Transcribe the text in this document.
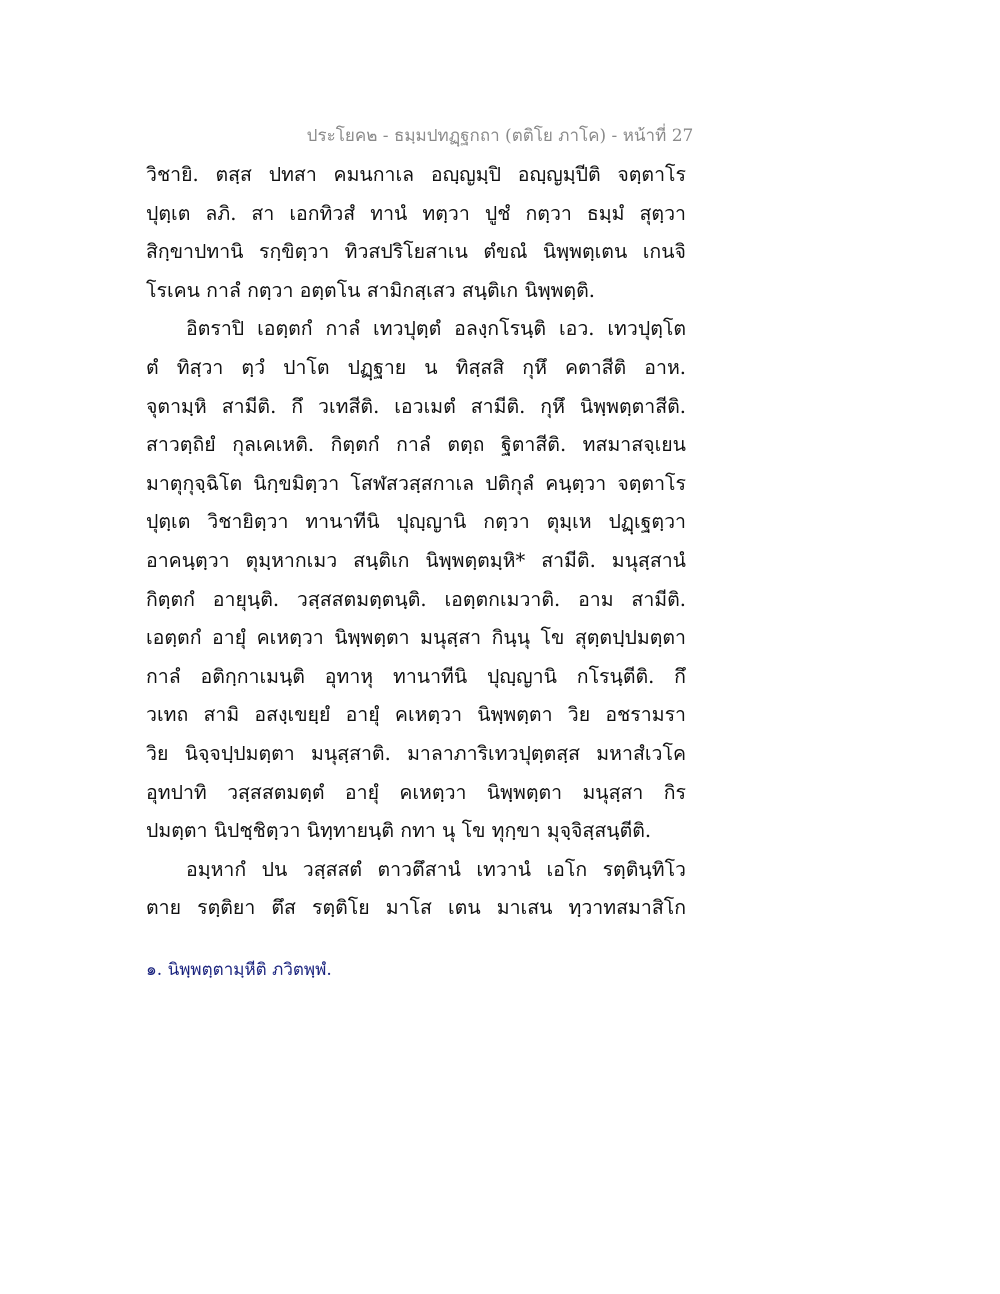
ประโยค๒ - ธมฺมปทฏฺฐกถา (ตติโย ภาโค) - หน้าที่ 27
วิชายิ. ตสฺส ปทสา คมนกาเล อญฺญมฺปิ อญฺญมฺปีติ จตฺตาโร
ปุตฺเต ลภิ. สา เอกทิวสํ ทานํ ทตฺวา ปูชํ กตฺวา ธมฺมํ สุตฺวา
สิกฺขาปทานิ รกฺขิตฺวา ทิวสปริโยสาเน ตํขณํ นิพฺพตฺเตน เกนจิ
โรเคน กาลํ กตฺวา อตฺตโน สามิกสฺเสว สนฺติเก นิพฺพตฺติ.
อิตราปิ เอตฺตกํ กาลํ เทวปุตฺตํ อลงฺกโรนฺติ เอว. เทวปุตฺโต
ตํ ทิสฺวา ตฺวํ ปาโต ปฏฺฐาย น ทิสฺสสิ กุหึ คตาสีติ อาห.
จุตามฺหิ สามีติ. กึ วเทสีติ. เอวเมตํ สามีติ. กุหึ นิพฺพตฺตาสีติ.
สาวตฺถิยํ กุลเคเหติ. กิตฺตกํ กาลํ ตตฺถ ฐิตาสีติ. ทสมาสจฺเยน
มาตุกุจฺฉิโต นิกฺขมิตฺวา โสฬสวสฺสกาเล ปติกุลํ คนฺตฺวา จตฺตาโร
ปุตฺเต วิชายิตฺวา ทานาทีนิ ปุญฺญานิ กตฺวา ตุมฺเห ปฏฺเฐตฺวา
อาคนฺตฺวา ตุมฺหากเมว สนฺติเก นิพฺพตฺตมฺหิ* สามีติ. มนุสฺสานํ
กิตฺตกํ อายุนฺติ. วสฺสสตมตฺตนฺติ. เอตฺตกเมวาติ. อาม สามีติ.
เอตฺตกํ อายุํ คเหตฺวา นิพฺพตฺตา มนุสฺสา กินฺนุ โข สุตฺตปฺปมตฺตา
กาลํ อติกฺกาเมนฺติ อุทาหุ ทานาทีนิ ปุญฺญานิ กโรนฺตีติ. กึ
วเทถ สามิ อสงฺเขยฺยํ อายุํ คเหตฺวา นิพฺพตฺตา วิย อชรามรา
วิย นิจฺจปฺปมตฺตา มนุสฺสาติ. มาลาภาริเทวปุตฺตสฺส มหาสํเวโค
อุทปาทิ วสฺสสตมตฺตํ อายุํ คเหตฺวา นิพฺพตฺตา มนุสฺสา กิร
ปมตฺตา นิปชฺชิตฺวา นิทฺทายนฺติ กทา นุ โข ทุกฺขา มุจฺจิสฺสนฺตีติ.
อมฺหากํ ปน วสฺสสตํ ตาวตึสานํ เทวานํ เอโก รตฺตินฺทิโว
ตาย รตฺติยา ตึส รตฺติโย มาโส เตน มาเสน ทฺวาทสมาสิโก
๑. นิพฺพตฺตามฺหีติ ภวิตพฺพํ.
